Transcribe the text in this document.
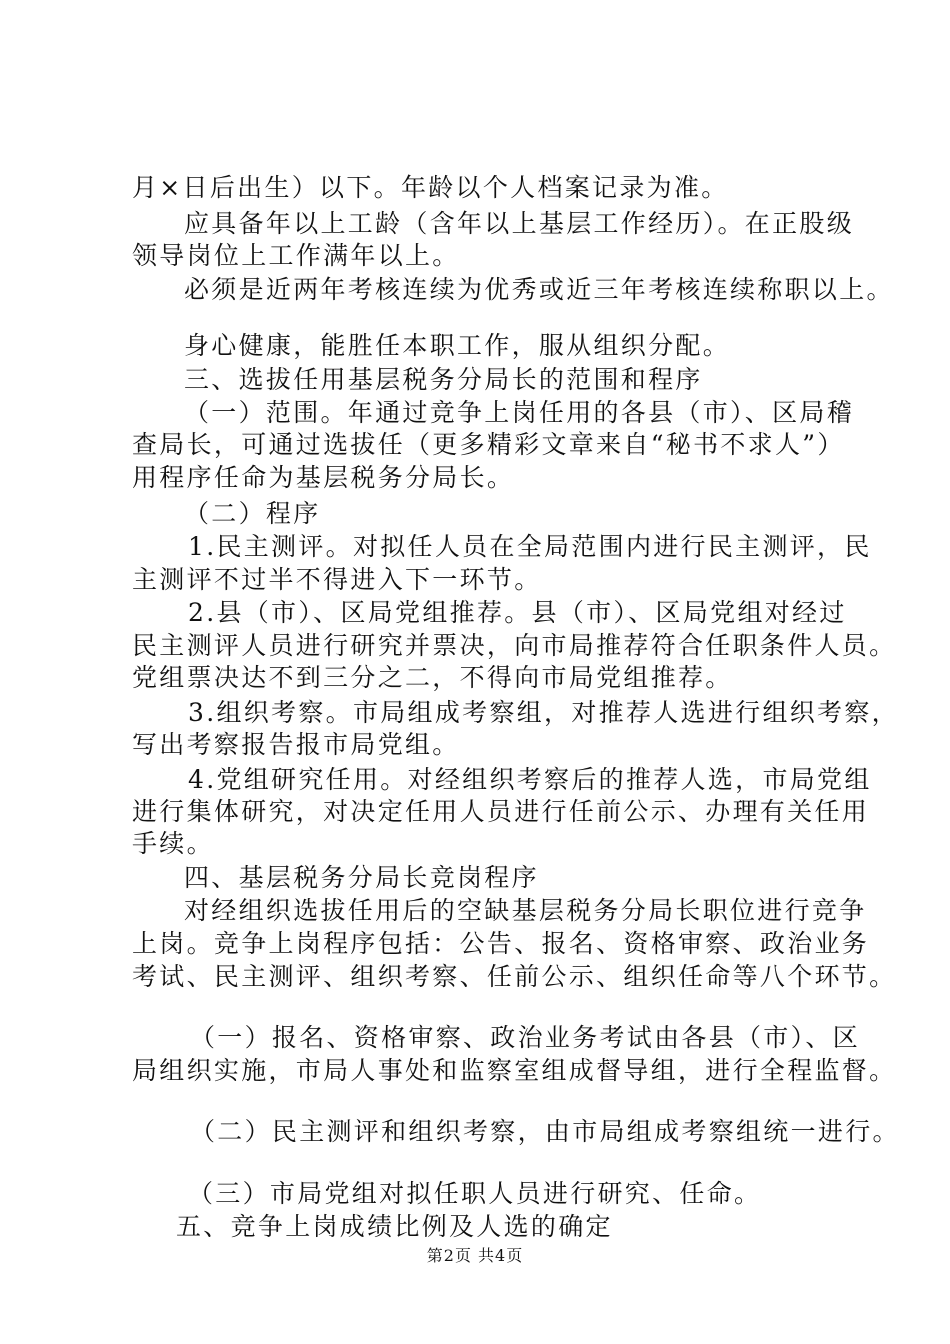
月×日后出生）以下。年龄以个人档案记录为准。
应具备年以上工龄（含年以上基层工作经历）。在正股级
领导岗位上工作满年以上。
必须是近两年考核连续为优秀或近三年考核连续称职以上。
身心健康，能胜任本职工作，服从组织分配。
三、选拔任用基层税务分局长的范围和程序
（一）范围。年通过竞争上岗任用的各县（市）、区局稽
查局长，可通过选拔任（更多精彩文章来自“秘书不求人”）
用程序任命为基层税务分局长。
（二）程序
1.民主测评。对拟任人员在全局范围内进行民主测评，民
主测评不过半不得进入下一环节。
2.县（市）、区局党组推荐。县（市）、区局党组对经过
民主测评人员进行研究并票决，向市局推荐符合任职条件人员。
党组票决达不到三分之二，不得向市局党组推荐。
3.组织考察。市局组成考察组，对推荐人选进行组织考察，
写出考察报告报市局党组。
4.党组研究任用。对经组织考察后的推荐人选，市局党组
进行集体研究，对决定任用人员进行任前公示、办理有关任用
手续。
四、基层税务分局长竞岗程序
对经组织选拔任用后的空缺基层税务分局长职位进行竞争
上岗。竞争上岗程序包括：公告、报名、资格审察、政治业务
考试、民主测评、组织考察、任前公示、组织任命等八个环节。
（一）报名、资格审察、政治业务考试由各县（市）、区
局组织实施，市局人事处和监察室组成督导组，进行全程监督。
（二）民主测评和组织考察，由市局组成考察组统一进行。
（三）市局党组对拟任职人员进行研究、任命。
五、竞争上岗成绩比例及人选的确定
第2页 共4页
